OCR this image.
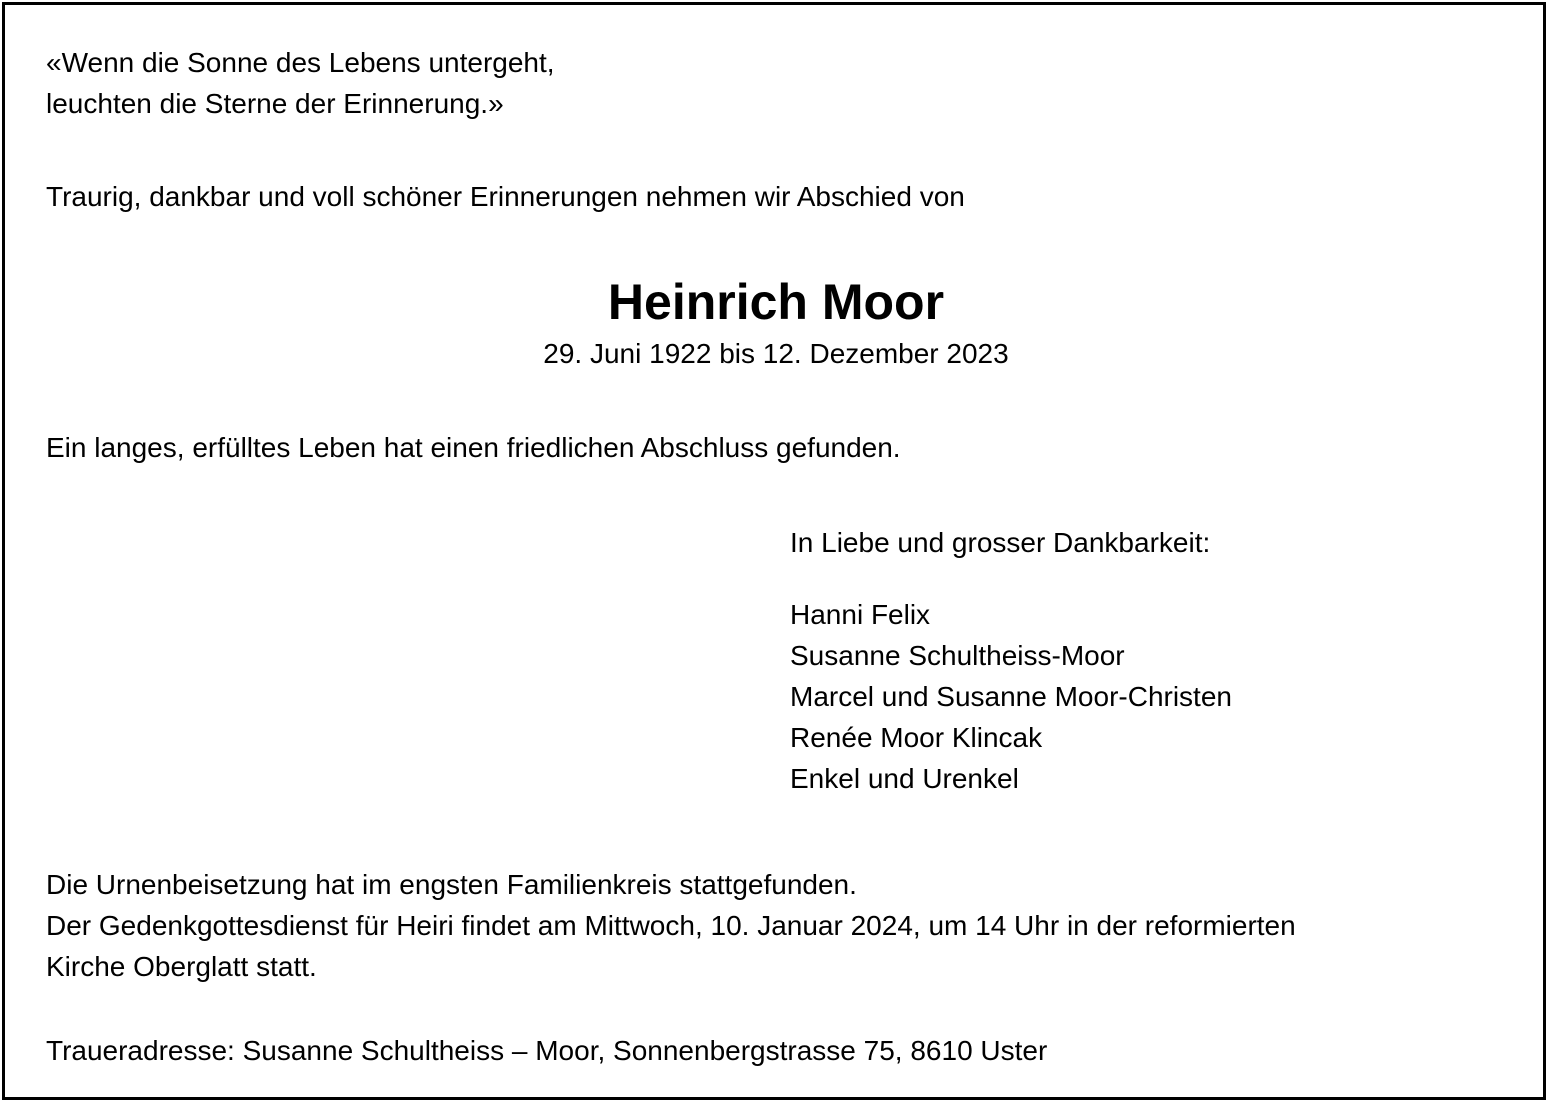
«Wenn die Sonne des Lebens untergeht,
leuchten die Sterne der Erinnerung.»
Traurig, dankbar und voll schöner Erinnerungen nehmen wir Abschied von
Heinrich Moor
29. Juni 1922 bis 12. Dezember 2023
Ein langes, erfülltes Leben hat einen friedlichen Abschluss gefunden.
In Liebe und grosser Dankbarkeit:
Hanni Felix
Susanne Schultheiss-Moor
Marcel und Susanne Moor-Christen
Renée Moor Klincak
Enkel und Urenkel
Die Urnenbeisetzung hat im engsten Familienkreis stattgefunden.
Der Gedenkgottesdienst für Heiri findet am Mittwoch, 10. Januar 2024, um 14 Uhr in der reformierten
Kirche Oberglatt statt.
Traueradresse: Susanne Schultheiss – Moor, Sonnenbergstrasse 75, 8610 Uster
